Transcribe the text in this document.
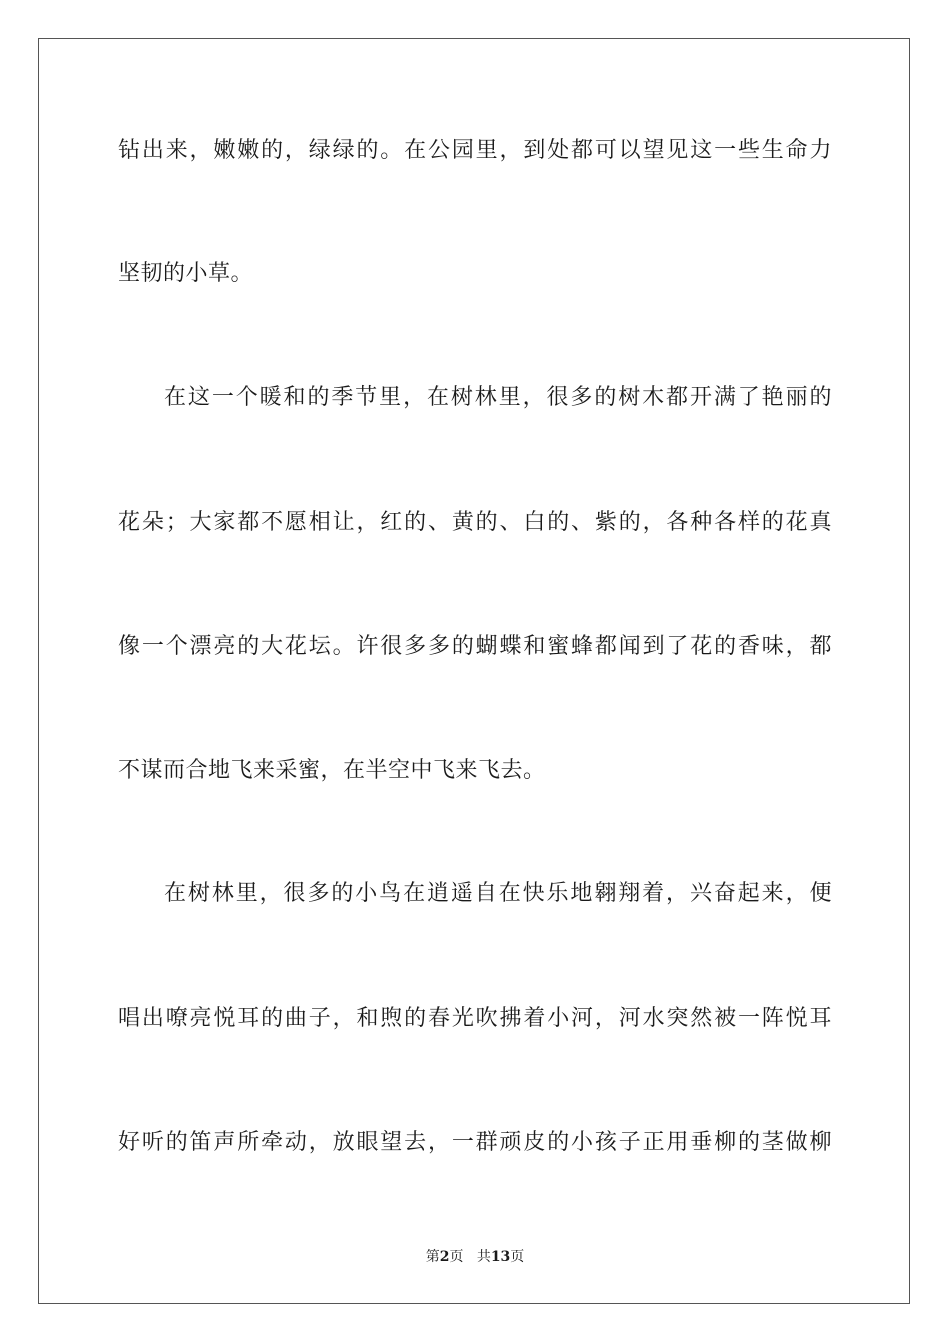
钻出来，嫩嫩的，绿绿的。在公园里，到处都可以望见这一些生命力
坚韧的小草。
在这一个暖和的季节里，在树林里，很多的树木都开满了艳丽的
花朵；大家都不愿相让，红的、黄的、白的、紫的，各种各样的花真
像一个漂亮的大花坛。许很多多的蝴蝶和蜜蜂都闻到了花的香味，都
不谋而合地飞来采蜜，在半空中飞来飞去。
在树林里，很多的小鸟在逍遥自在快乐地翱翔着，兴奋起来，便
唱出嘹亮悦耳的曲子，和煦的春光吹拂着小河，河水突然被一阵悦耳
好听的笛声所牵动，放眼望去，一群顽皮的小孩子正用垂柳的茎做柳
第2页 共13页
